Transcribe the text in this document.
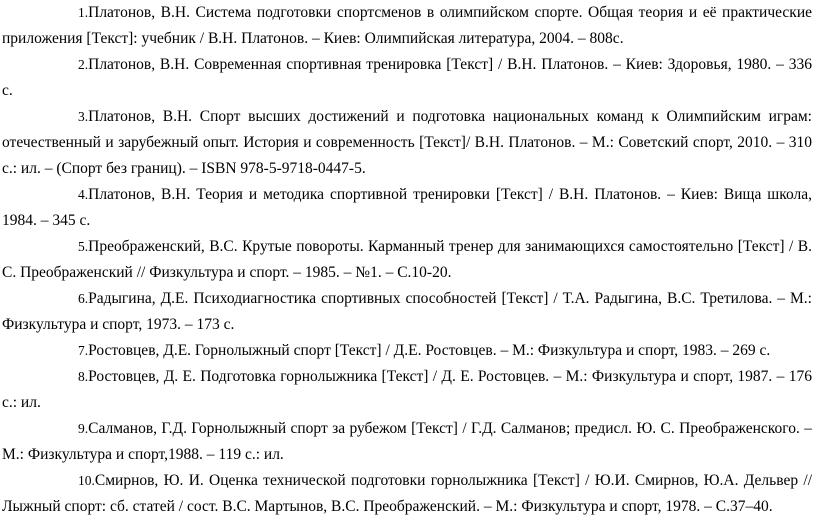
1.Платонов, В.Н. Система подготовки спортсменов в олимпийском спорте. Общая теория и её практические приложения [Текст]: учебник / В.Н. Платонов. – Киев: Олимпийская литература, 2004. – 808с.

2.Платонов, В.Н. Современная спортивная тренировка [Текст] / В.Н. Платонов. – Киев: Здоровья, 1980. – 336 с.

3.Платонов, В.Н. Спорт высших достижений и подготовка национальных команд к Олимпийским играм: отечественный и зарубежный опыт. История и современность [Текст]/ В.Н. Платонов. – М.: Советский спорт, 2010. – 310 с.: ил. – (Спорт без границ). – ISBN 978-5-9718-0447-5.

4.Платонов, В.Н. Теория и методика спортивной тренировки [Текст] / В.Н. Платонов. – Киев: Вища школа, 1984. – 345 с.

5.Преображенский, В.С. Крутые повороты. Карманный тренер для занимающихся самостоятельно [Текст] / В. С. Преображенский // Физкультура и спорт. – 1985. – №1. – С.10-20.

6.Радыгина, Д.Е. Психодиагностика спортивных способностей [Текст] / Т.А. Радыгина, В.С. Третилова. – М.: Физкультура и спорт, 1973. – 173 с.

7.Ростовцев, Д.Е. Горнолыжный спорт [Текст] / Д.Е. Ростовцев. – М.: Физкультура и спорт, 1983. – 269 с.

8.Ростовцев, Д. Е. Подготовка горнолыжника [Текст] / Д. Е. Ростовцев. – М.: Физкультура и спорт, 1987. – 176 с.: ил.

9.Салманов, Г.Д. Горнолыжный спорт за рубежом [Текст] / Г.Д. Салманов; предисл. Ю. С. Преображенского. – М.: Физкультура и спорт,1988. – 119 с.: ил.

10.Смирнов, Ю. И. Оценка технической подготовки горнолыжника [Текст] / Ю.И. Смирнов, Ю.А. Дельвер // Лыжный спорт: сб. статей / сост. В.С. Мартынов, В.С. Преображенский. – М.: Физкультура и спорт, 1978. – С.37–40.
